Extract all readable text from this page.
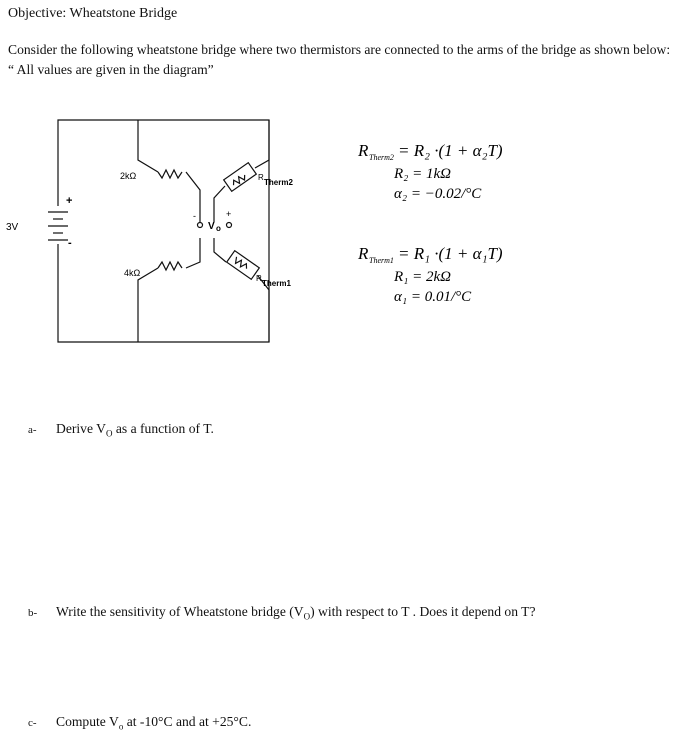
Objective: Wheatstone Bridge
Consider the following wheatstone bridge where two thermistors are connected to the arms of the bridge as shown below: “ All values are given in the diagram”
3V
+
-
2kΩ
4kΩ
R
Therm2
R
Therm1
-
V o
+
R Therm2 = R₂ ·(1 + α₂T)
R₂ = 1kΩ
α₂ = −0.02/°C
R Therm1 = R₁ ·(1 + α₁T)
R₁ = 2kΩ
α₁ = 0.01/°C
a- Derive $V_O$ as a function of T.
b- Write the sensitivity of Wheatstone bridge $(V_O)$ with respect to T . Does it depend on T?
c- Compute $V_o$ at -10°C and at +25°C.
